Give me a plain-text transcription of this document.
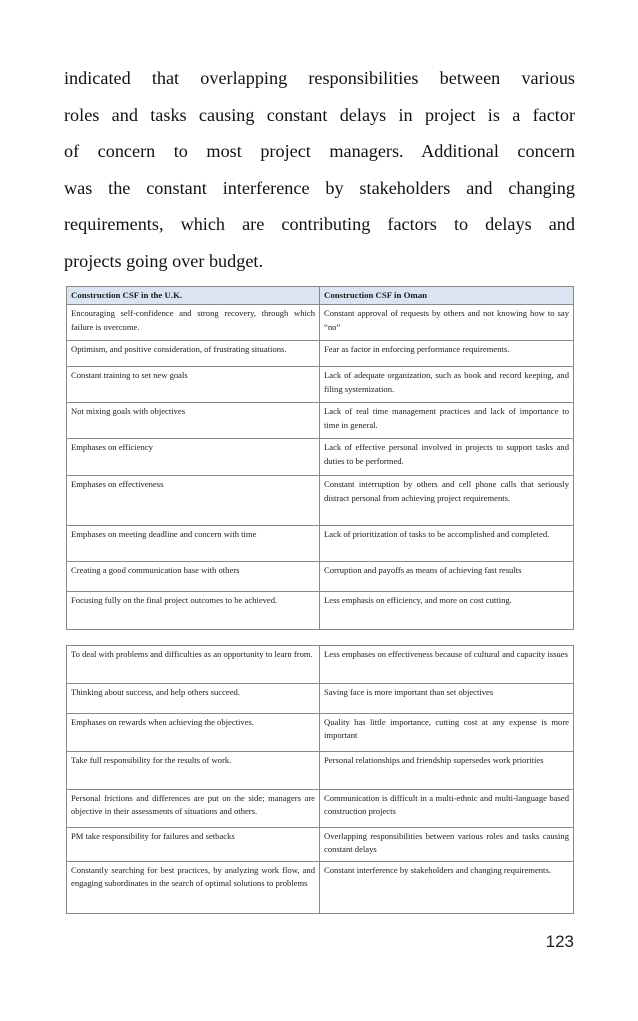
indicated that overlapping responsibilities between various
roles and tasks causing constant delays in project is a factor
of concern to most project managers. Additional concern
was the constant interference by stakeholders and changing
requirements, which are contributing factors to delays and
projects going over budget.
Construction CSF in the U.K.	Construction CSF in Oman
Encouraging self-confidence and strong recovery, through which failure is overcome.	Constant approval of requests by others and not knowing how to say “no”
Optimism, and positive consideration, of frustrating situations.	Fear as factor in enforcing performance requirements.
Constant training to set new goals	Lack of adequate organization, such as book and record keeping, and filing systemization.
Not mixing goals with objectives	Lack of real time management practices and lack of importance to time in general.
Emphases on efficiency	Lack of effective personal involved in projects to support tasks and duties to be performed.
Emphases on effectiveness	Constant interruption by others and cell phone calls that seriously distract personal from achieving project requirements.
Emphases on meeting deadline and concern with time	Lack of prioritization of tasks to be accomplished and completed.
Creating a good communication base with others	Corruption and payoffs as means of achieving fast results
Focusing fully on the final project outcomes to be achieved.	Less emphasis on efficiency, and more on cost cutting.
To deal with problems and difficulties as an opportunity to learn from.	Less emphases on effectiveness because of cultural and capacity issues
Thinking about success, and help others succeed.	Saving face is more important than set objectives
Emphases on rewards when achieving the objectives.	Quality has little importance, cutting cost at any expense is more important
Take full responsibility for the results of work.	Personal relationships and friendship supersedes work priorities
Personal frictions and differences are put on the side; managers are objective in their assessments of situations and others.	Communication is difficult in a multi-ethnic and multi-language based construction projects
PM take responsibility for failures and setbacks	Overlapping responsibilities between various roles and tasks causing constant delays
Constantly searching for best practices, by analyzing work flow, and engaging subordinates in the search of optimal solutions to problems	Constant interference by stakeholders and changing requirements.
123
